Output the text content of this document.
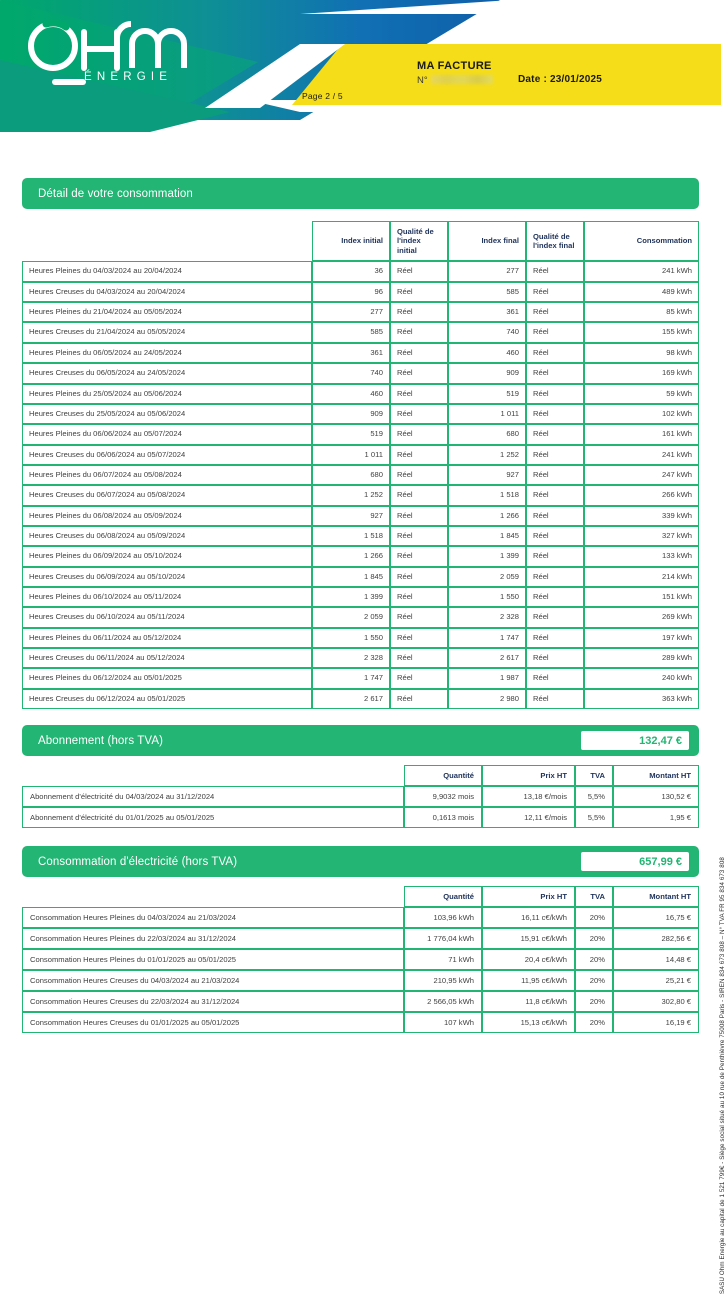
ÉNERGIE
Page 2 / 5
MA FACTURE
N°	Date : 23/01/2025
Détail de votre consommation
	Index initial	Qualité de l'index initial	Index final	Qualité de l'index final	Consommation
Heures Pleines du 04/03/2024 au 20/04/2024	36	Réel	277	Réel	241 kWh
Heures Creuses du 04/03/2024 au 20/04/2024	96	Réel	585	Réel	489 kWh
Heures Pleines du 21/04/2024 au 05/05/2024	277	Réel	361	Réel	85 kWh
Heures Creuses du 21/04/2024 au 05/05/2024	585	Réel	740	Réel	155 kWh
Heures Pleines du 06/05/2024 au 24/05/2024	361	Réel	460	Réel	98 kWh
Heures Creuses du 06/05/2024 au 24/05/2024	740	Réel	909	Réel	169 kWh
Heures Pleines du 25/05/2024 au 05/06/2024	460	Réel	519	Réel	59 kWh
Heures Creuses du 25/05/2024 au 05/06/2024	909	Réel	1 011	Réel	102 kWh
Heures Pleines du 06/06/2024 au 05/07/2024	519	Réel	680	Réel	161 kWh
Heures Creuses du 06/06/2024 au 05/07/2024	1 011	Réel	1 252	Réel	241 kWh
Heures Pleines du 06/07/2024 au 05/08/2024	680	Réel	927	Réel	247 kWh
Heures Creuses du 06/07/2024 au 05/08/2024	1 252	Réel	1 518	Réel	266 kWh
Heures Pleines du 06/08/2024 au 05/09/2024	927	Réel	1 266	Réel	339 kWh
Heures Creuses du 06/08/2024 au 05/09/2024	1 518	Réel	1 845	Réel	327 kWh
Heures Pleines du 06/09/2024 au 05/10/2024	1 266	Réel	1 399	Réel	133 kWh
Heures Creuses du 06/09/2024 au 05/10/2024	1 845	Réel	2 059	Réel	214 kWh
Heures Pleines du 06/10/2024 au 05/11/2024	1 399	Réel	1 550	Réel	151 kWh
Heures Creuses du 06/10/2024 au 05/11/2024	2 059	Réel	2 328	Réel	269 kWh
Heures Pleines du 06/11/2024 au 05/12/2024	1 550	Réel	1 747	Réel	197 kWh
Heures Creuses du 06/11/2024 au 05/12/2024	2 328	Réel	2 617	Réel	289 kWh
Heures Pleines du 06/12/2024 au 05/01/2025	1 747	Réel	1 987	Réel	240 kWh
Heures Creuses du 06/12/2024 au 05/01/2025	2 617	Réel	2 980	Réel	363 kWh
Abonnement (hors TVA)	132,47 €
	Quantité	Prix HT	TVA	Montant HT
Abonnement d'électricité du 04/03/2024 au 31/12/2024	9,9032 mois	13,18 €/mois	5,5%	130,52 €
Abonnement d'électricité du 01/01/2025 au 05/01/2025	0,1613 mois	12,11 €/mois	5,5%	1,95 €
Consommation d'électricité (hors TVA)	657,99 €
	Quantité	Prix HT	TVA	Montant HT
Consommation Heures Pleines du 04/03/2024 au 21/03/2024	103,96 kWh	16,11 c€/kWh	20%	16,75 €
Consommation Heures Pleines du 22/03/2024 au 31/12/2024	1 776,04 kWh	15,91 c€/kWh	20%	282,56 €
Consommation Heures Pleines du 01/01/2025 au 05/01/2025	71 kWh	20,4 c€/kWh	20%	14,48 €
Consommation Heures Creuses du 04/03/2024 au 21/03/2024	210,95 kWh	11,95 c€/kWh	20%	25,21 €
Consommation Heures Creuses du 22/03/2024 au 31/12/2024	2 566,05 kWh	11,8 c€/kWh	20%	302,80 €
Consommation Heures Creuses du 01/01/2025 au 05/01/2025	107 kWh	15,13 c€/kWh	20%	16,19 €	SASU Ohm Energie au capital de 1 521 799€ - Siège social situé au 10 rue de Penthièvre 75008 Paris - SIREN 834 673 808 – N° TVA FR 95 834 673 808
